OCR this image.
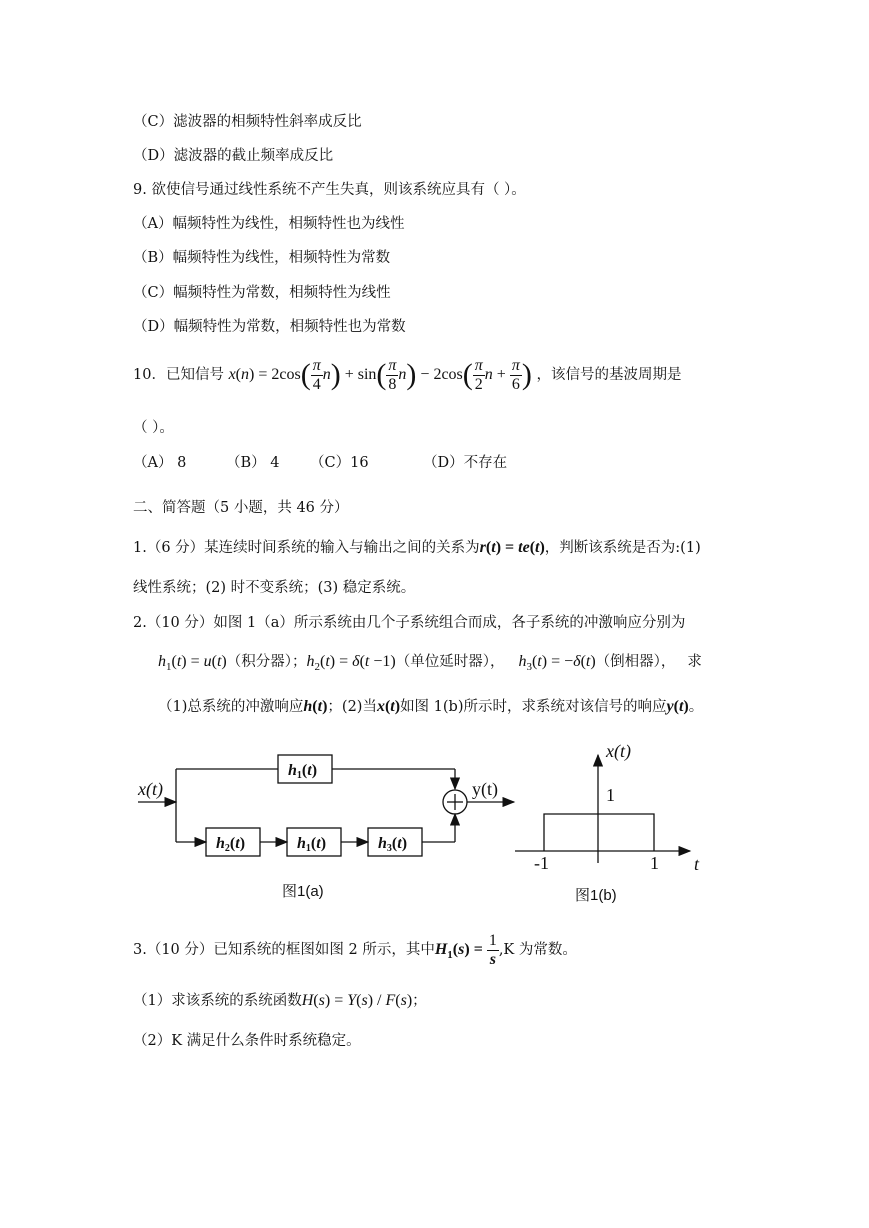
（C）滤波器的相频特性斜率成反比
（D）滤波器的截止频率成反比
9. 欲使信号通过线性系统不产生失真，则该系统应具有（ ）。
（A）幅频特性为线性，相频特性也为线性
（B）幅频特性为线性，相频特性为常数
（C）幅频特性为常数，相频特性为线性
（D）幅频特性为常数，相频特性也为常数
10．已知信号 $x(n) = 2\cos( \frac{\pi}{4} n) + \sin( \frac{\pi}{8} n) - 2\cos( \frac{\pi}{2}$ $n + \frac{\pi}{6}$ ) ，该信号的基波周期是
（ ）。
（A） 8	（B） 4 （C）16	（D）不存在
二、简答题（5 小题，共 46 分）
1.（6 分）某连续时间系统的输入与输出之间的关系为r(t) = te(t)，判断该系统是否为:(1)
线性系统；(2) 时不变系统；(3) 稳定系统。
2.（10 分）如图 1（a）所示系统由几个子系统组合而成，各子系统的冲激响应分别为
$h_1(t) = u(t)$（积分器）；$h_2(t) = \delta(t -1)$（单位延时器）， $h_3(t) = -\delta(t)$（倒相器）， 求
（1)总系统的冲激响应h(t)；(2)当x(t)如图 1(b)所示时，求系统对该信号的响应y(t)。
h1(t)
h2(t)	h1(t)	h3(t)
x(t)	y(t)
图1(a)
x(t)
t
1
-1	1
图1(b)
3.（10 分）已知系统的框图如图 2 所示，其中$H_1(s) = \frac{1}{s} ,K$ 为常数。
（1）求该系统的系统函数H(s) = Y(s) / F(s)；
（2）K 满足什么条件时系统稳定。
